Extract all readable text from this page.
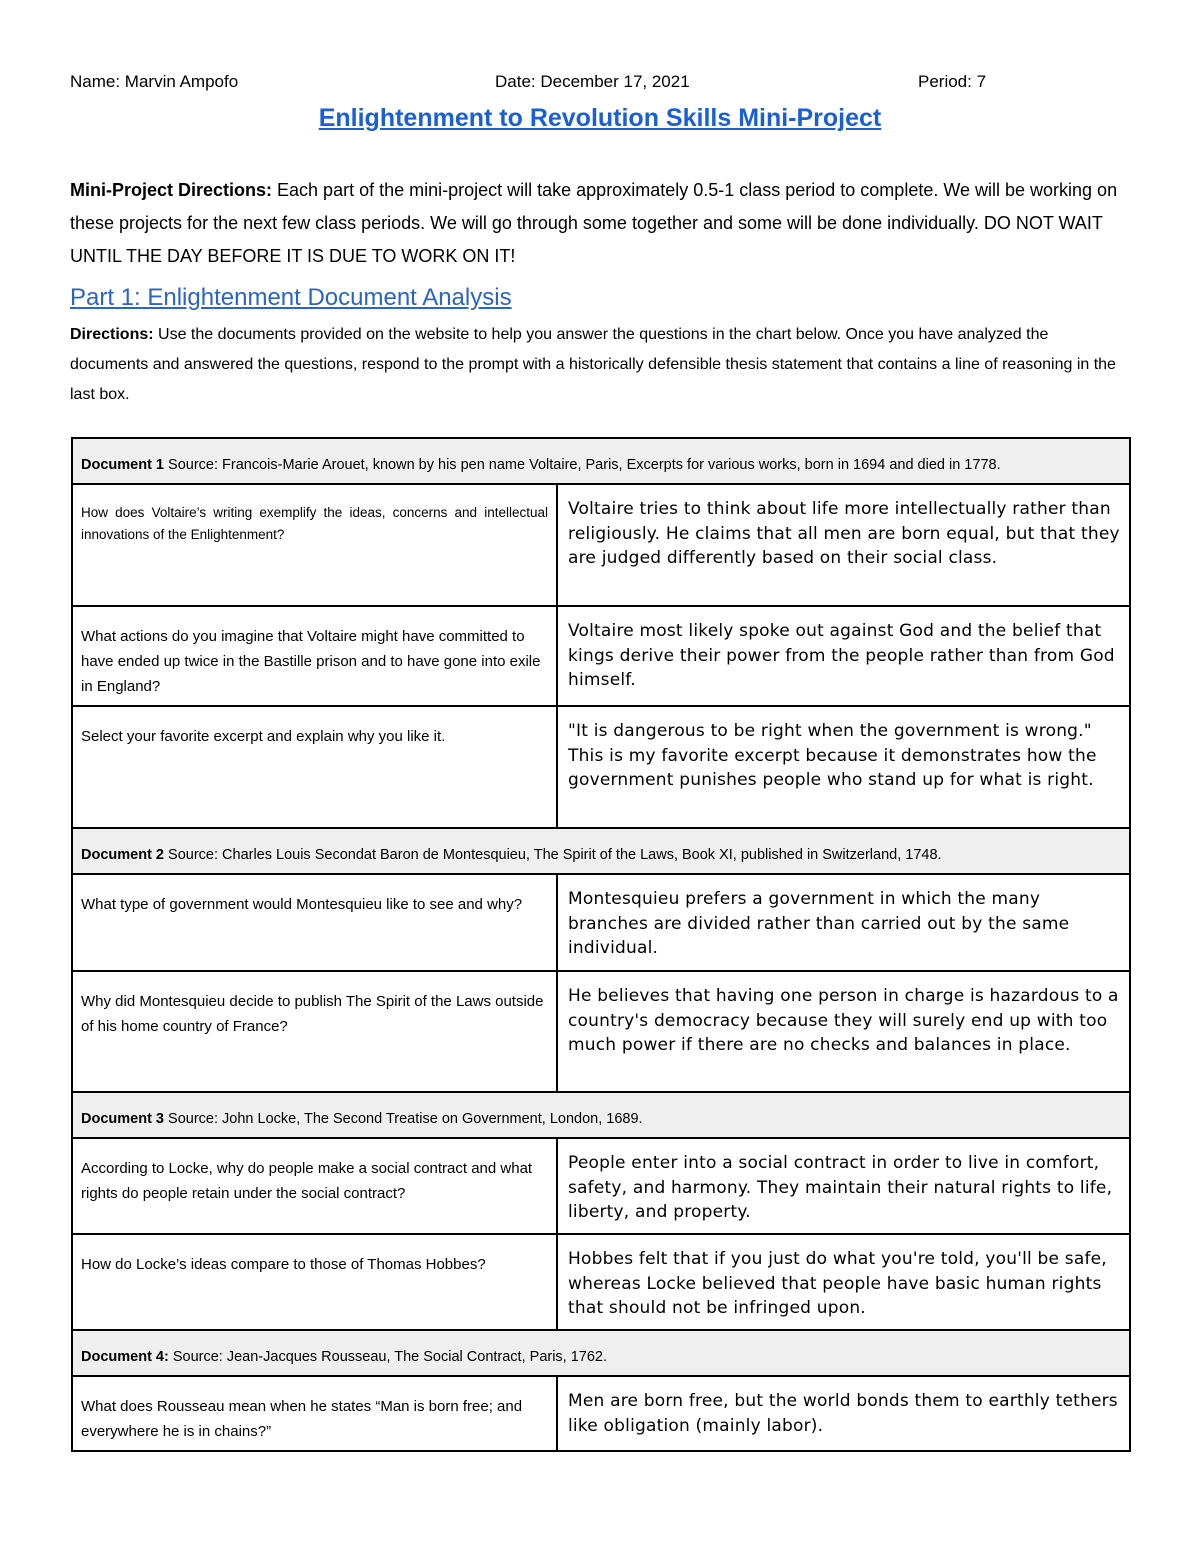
Name: Marvin Ampofo	Date: December 17, 2021	Period: 7
Enlightenment to Revolution Skills Mini-Project
Mini-Project Directions: Each part of the mini-project will take approximately 0.5-1 class period to complete. We will be working on these projects for the next few class periods. We will go through some together and some will be done individually. DO NOT WAIT UNTIL THE DAY BEFORE IT IS DUE TO WORK ON IT!
Part 1: Enlightenment Document Analysis
Directions: Use the documents provided on the website to help you answer the questions in the chart below. Once you have analyzed the documents and answered the questions, respond to the prompt with a historically defensible thesis statement that contains a line of reasoning in the last box.
Document 1 Source: Francois-Marie Arouet, known by his pen name Voltaire, Paris, Excerpts for various works, born in 1694 and died in 1778.	
How does Voltaire’s writing exemplify the ideas, concerns and intellectual innovations of the Enlightenment?	Voltaire tries to think about life more intellectually rather than religiously. He claims that all men are born equal, but that they are judged differently based on their social class.
What actions do you imagine that Voltaire might have committed to have ended up twice in the Bastille prison and to have gone into exile in England?	Voltaire most likely spoke out against God and the belief that kings derive their power from the people rather than from God himself.
Select your favorite excerpt and explain why you like it.	"It is dangerous to be right when the government is wrong." This is my favorite excerpt because it demonstrates how the government punishes people who stand up for what is right.
Document 2 Source: Charles Louis Secondat Baron de Montesquieu, The Spirit of the Laws, Book XI, published in Switzerland, 1748.	
What type of government would Montesquieu like to see and why?	Montesquieu prefers a government in which the many branches are divided rather than carried out by the same individual.
Why did Montesquieu decide to publish The Spirit of the Laws outside of his home country of France?	He believes that having one person in charge is hazardous to a country's democracy because they will surely end up with too much power if there are no checks and balances in place.
Document 3 Source: John Locke, The Second Treatise on Government, London, 1689.	
According to Locke, why do people make a social contract and what rights do people retain under the social contract?	People enter into a social contract in order to live in comfort, safety, and harmony. They maintain their natural rights to life, liberty, and property.
How do Locke’s ideas compare to those of Thomas Hobbes?	Hobbes felt that if you just do what you're told, you'll be safe, whereas Locke believed that people have basic human rights that should not be infringed upon.
Document 4: Source: Jean-Jacques Rousseau, The Social Contract, Paris, 1762.	
What does Rousseau mean when he states “Man is born free; and everywhere he is in chains?”	Men are born free, but the world bonds them to earthly tethers like obligation (mainly labor).
